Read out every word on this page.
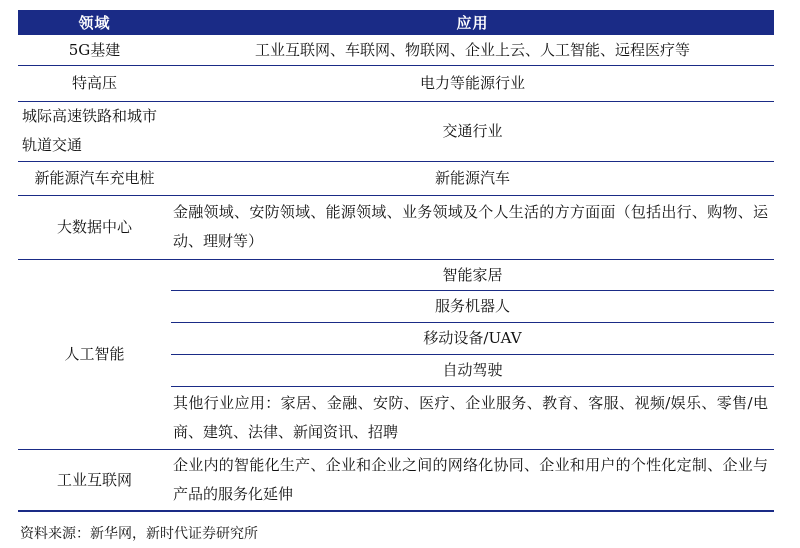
领域	应用
5G基建	工业互联网、车联网、物联网、企业上云、人工智能、远程医疗等
特高压	电力等能源行业
城际高速铁路和城市轨道交通	交通行业
新能源汽车充电桩	新能源汽车
大数据中心	金融领域、安防领域、能源领域、业务领域及个人生活的方方面面（包括出行、购物、运动、理财等）
人工智能	智能家居
	服务机器人
	移动设备/UAV
	自动驾驶
	其他行业应用：家居、金融、安防、医疗、企业服务、教育、客服、视频/娱乐、零售/电商、建筑、法律、新闻资讯、招聘
工业互联网	企业内的智能化生产、企业和企业之间的网络化协同、企业和用户的个性化定制、企业与产品的服务化延伸
资料来源：新华网，新时代证券研究所
